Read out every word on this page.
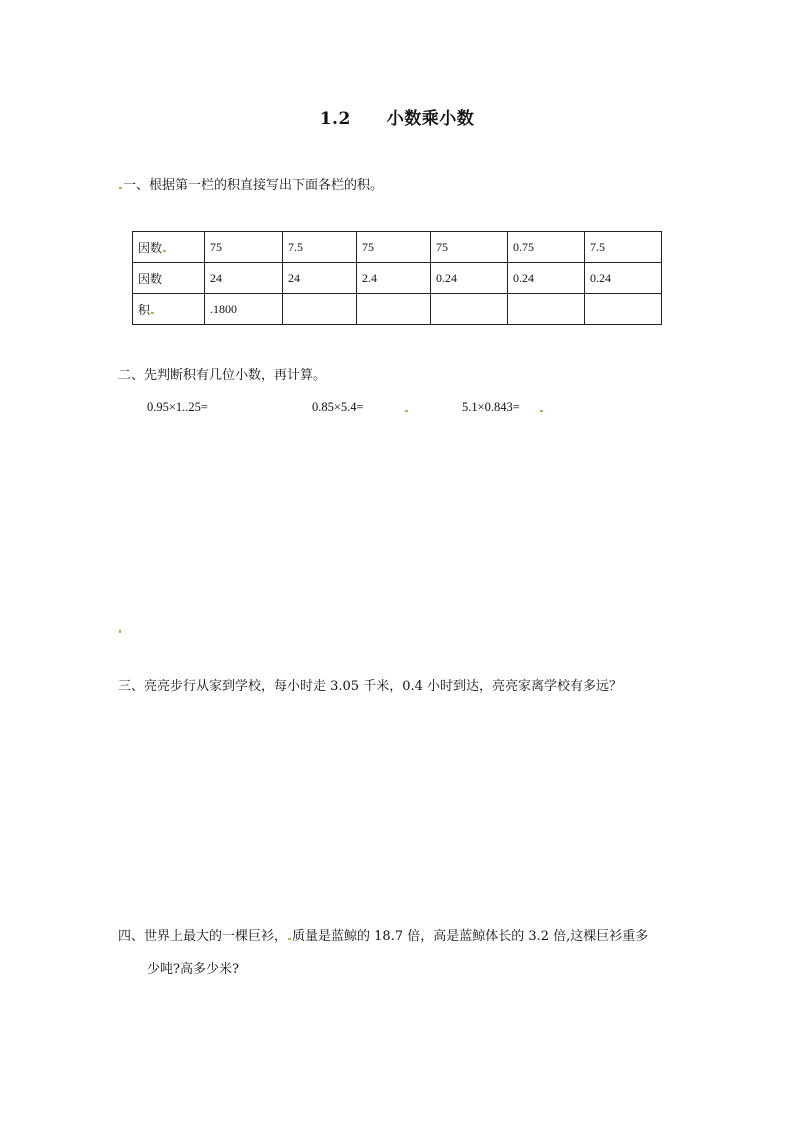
1.2 小数乘小数
一、根据第一栏的积直接写出下面各栏的积。
因数	75	7.5	75	75	0.75	7.5
因数	24	24	2.4	0.24	0.24	0.24
积	.1800					
二、先判断积有几位小数，再计算。
0.95×1..25=	0.85×5.4=	5.1×0.843=
三、亮亮步行从家到学校，每小时走 3.05 千米，0.4 小时到达，亮亮家离学校有多远？
四、世界上最大的一棵巨衫， 质量是蓝鲸的 18.7 倍，高是蓝鲸体长的 3.2 倍,这棵巨衫重多
少吨?高多少米?
